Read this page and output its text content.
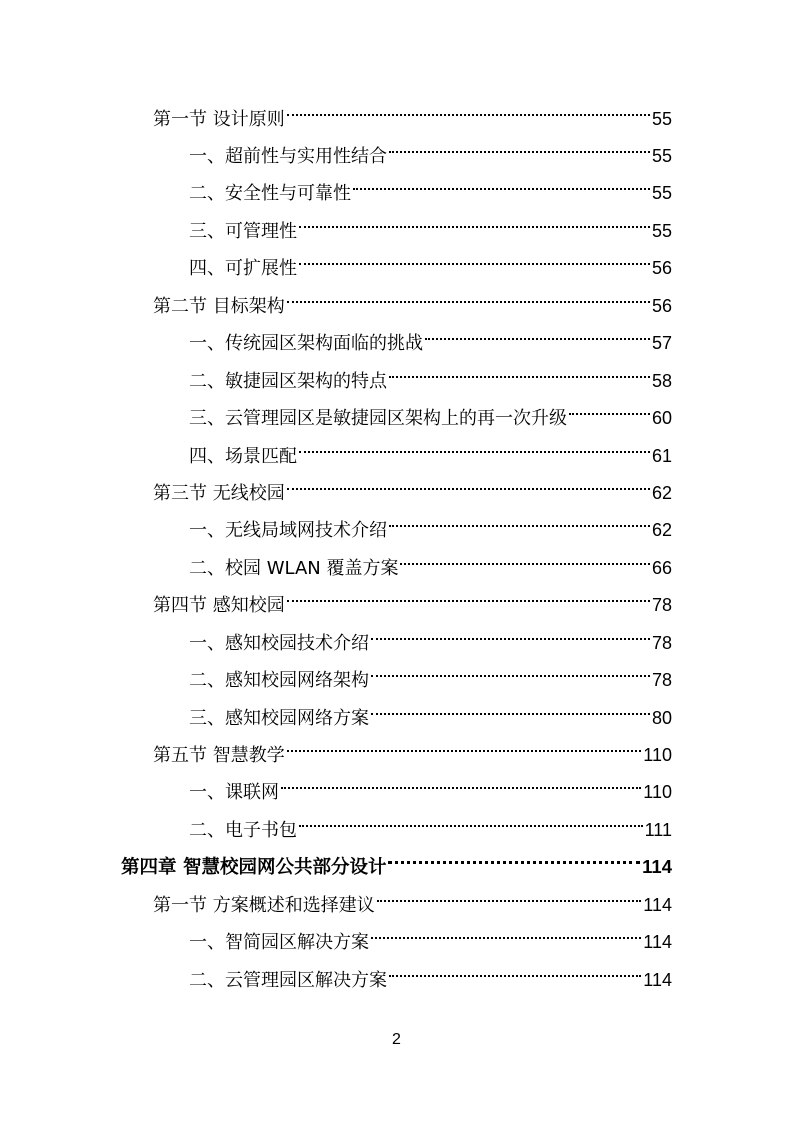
第一节 设计原则	55
一、超前性与实用性结合	55
二、安全性与可靠性	55
三、可管理性	55
四、可扩展性	56
第二节 目标架构	56
一、传统园区架构面临的挑战	57
二、敏捷园区架构的特点	58
三、云管理园区是敏捷园区架构上的再一次升级	60
四、场景匹配	61
第三节 无线校园	62
一、无线局域网技术介绍	62
二、校园 WLAN 覆盖方案	66
第四节 感知校园	78
一、感知校园技术介绍	78
二、感知校园网络架构	78
三、感知校园网络方案	80
第五节 智慧教学	110
一、课联网	110
二、电子书包	111
第四章 智慧校园网公共部分设计	114
第一节 方案概述和选择建议	114
一、智简园区解决方案	114
二、云管理园区解决方案	114
2
